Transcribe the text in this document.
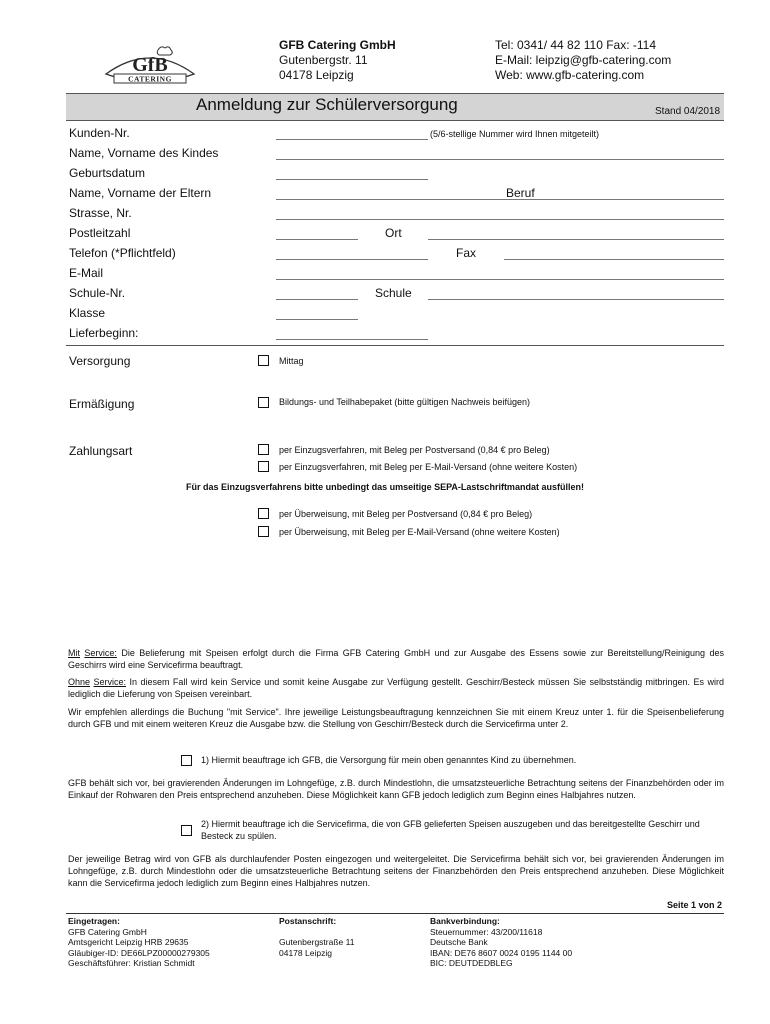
GfB
CATERING
GFB Catering GmbH
Gutenbergstr. 11
04178 Leipzig
Tel: 0341/ 44 82 110 Fax: -114
E-Mail: leipzig@gfb-catering.com
Web: www.gfb-catering.com
Anmeldung zur Schülerversorgung	Stand 04/2018
Kunden-Nr.	(5/6-stellige Nummer wird Ihnen mitgeteilt)
Name, Vorname des Kindes
Geburtsdatum
Name, Vorname der Eltern	Beruf
Strasse, Nr.
Postleitzahl	Ort
Telefon (*Pflichtfeld)	Fax
E-Mail
Schule-Nr.	Schule
Klasse
Lieferbeginn:
Versorgung	Mittag
Ermäßigung	Bildungs- und Teilhabepaket (bitte gültigen Nachweis beifügen)
Zahlungsart	per Einzugsverfahren, mit Beleg per Postversand (0,84 € pro Beleg)
per Einzugsverfahren, mit Beleg per E-Mail-Versand (ohne weitere Kosten)
Für das Einzugsverfahrens bitte unbedingt das umseitige SEPA-Lastschriftmandat ausfüllen!
per Überweisung, mit Beleg per Postversand (0,84 € pro Beleg)
per Überweisung, mit Beleg per E-Mail-Versand (ohne weitere Kosten)
Mit Service: Die Belieferung mit Speisen erfolgt durch die Firma GFB Catering GmbH und zur Ausgabe des Essens sowie zur Bereitstellung/Reinigung des Geschirrs wird eine Servicefirma beauftragt.
Ohne Service: In diesem Fall wird kein Service und somit keine Ausgabe zur Verfügung gestellt. Geschirr/Besteck müssen Sie selbstständig mitbringen. Es wird lediglich die Lieferung von Speisen vereinbart.
Wir empfehlen allerdings die Buchung "mit Service". Ihre jeweilige Leistungsbeauftragung kennzeichnen Sie mit einem Kreuz unter 1. für die Speisenbelieferung durch GFB und mit einem weiteren Kreuz die Ausgabe bzw. die Stellung von Geschirr/Besteck durch die Servicefirma unter 2.
1) Hiermit beauftrage ich GFB, die Versorgung für mein oben genanntes Kind zu übernehmen.
GFB behält sich vor, bei gravierenden Änderungen im Lohngefüge, z.B. durch Mindestlohn, die umsatzsteuerliche Betrachtung seitens der Finanzbehörden oder im Einkauf der Rohwaren den Preis entsprechend anzuheben. Diese Möglichkeit kann GFB jedoch lediglich zum Beginn eines Halbjahres nutzen.
2) Hiermit beauftrage ich die Servicefirma, die von GFB gelieferten Speisen auszugeben und das bereitgestellte Geschirr und Besteck zu spülen.
Der jeweilige Betrag wird von GFB als durchlaufender Posten eingezogen und weitergeleitet. Die Servicefirma behält sich vor, bei gravierenden Änderungen im Lohngefüge, z.B. durch Mindestlohn oder die umsatzsteuerliche Betrachtung seitens der Finanzbehörden den Preis entsprechend anzuheben. Diese Möglichkeit kann die Servicefirma jedoch lediglich zum Beginn eines Halbjahres nutzen.
Seite 1 von 2
Eingetragen:
GFB Catering GmbH
Amtsgericht Leipzig HRB 29635
Gläubiger-ID: DE66LPZ00000279305
Geschäftsführer: Kristian Schmidt
Postanschrift:

Gutenbergstraße 11
04178 Leipzig
Bankverbindung:
Steuernummer: 43/200/11618
Deutsche Bank
IBAN: DE76 8607 0024 0195 1144 00
BIC: DEUTDEDBLEG
